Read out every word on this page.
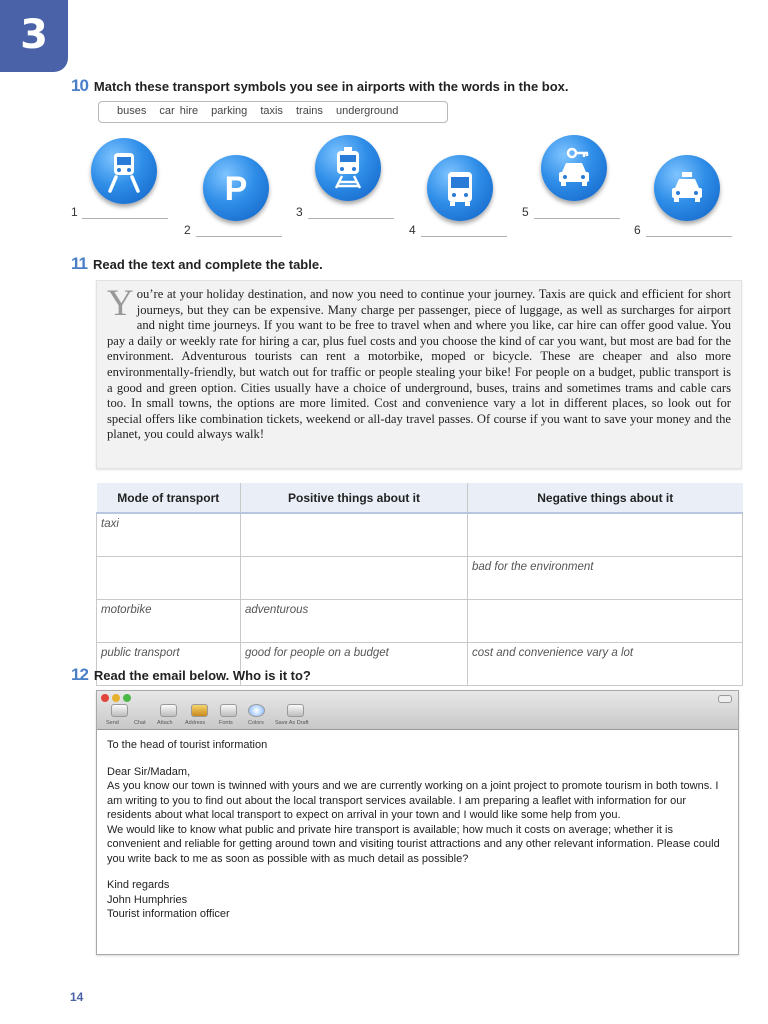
3
10 Match these transport symbols you see in airports with the words in the box.
buses car hire parking taxis trains underground
P
1
2
3
4
5
6
11 Read the text and complete the table.
You’re at your holiday destination, and now you need to continue your journey. Taxis are quick and efficient for short journeys, but they can be expensive. Many charge per passenger, piece of luggage, as well as surcharges for airport and night time journeys. If you want to be free to travel when and where you like, car hire can offer good value. You pay a daily or weekly rate for hiring a car, plus fuel costs and you choose the kind of car you want, but most are bad for the environment. Adventurous tourists can rent a motorbike, moped or bicycle. These are cheaper and also more environmentally-friendly, but watch out for traffic or people stealing your bike! For people on a budget, public transport is a good and green option. Cities usually have a choice of underground, buses, trains and sometimes trams and cable cars too. In small towns, the options are more limited. Cost and convenience vary a lot in different places, so look out for special offers like combination tickets, weekend or all-day travel passes. Of course if you want to save your money and the planet, you could always walk!
Mode of transport	Positive things about it	Negative things about it
taxi		
		bad for the environment
motorbike	adventurous	
public transport	good for people on a budget	cost and convenience vary a lot
12 Read the email below. Who is it to?
Send	Chat Attach Address	Fonts	Colors Save As Draft

To the head of tourist information

Dear Sir/Madam,

As you know our town is twinned with yours and we are currently working on a joint project to promote tourism in both towns. I am writing to you to find out about the local transport services available. I am preparing a leaflet with information for our residents about what local transport to expect on arrival in your town and I would like some help from you.

We would like to know what public and private hire transport is available; how much it costs on average; whether it is convenient and reliable for getting around town and visiting tourist attractions and any other relevant information. Please could you write back to me as soon as possible with as much detail as possible?

Kind regards

John Humphries

Tourist information officer

14
